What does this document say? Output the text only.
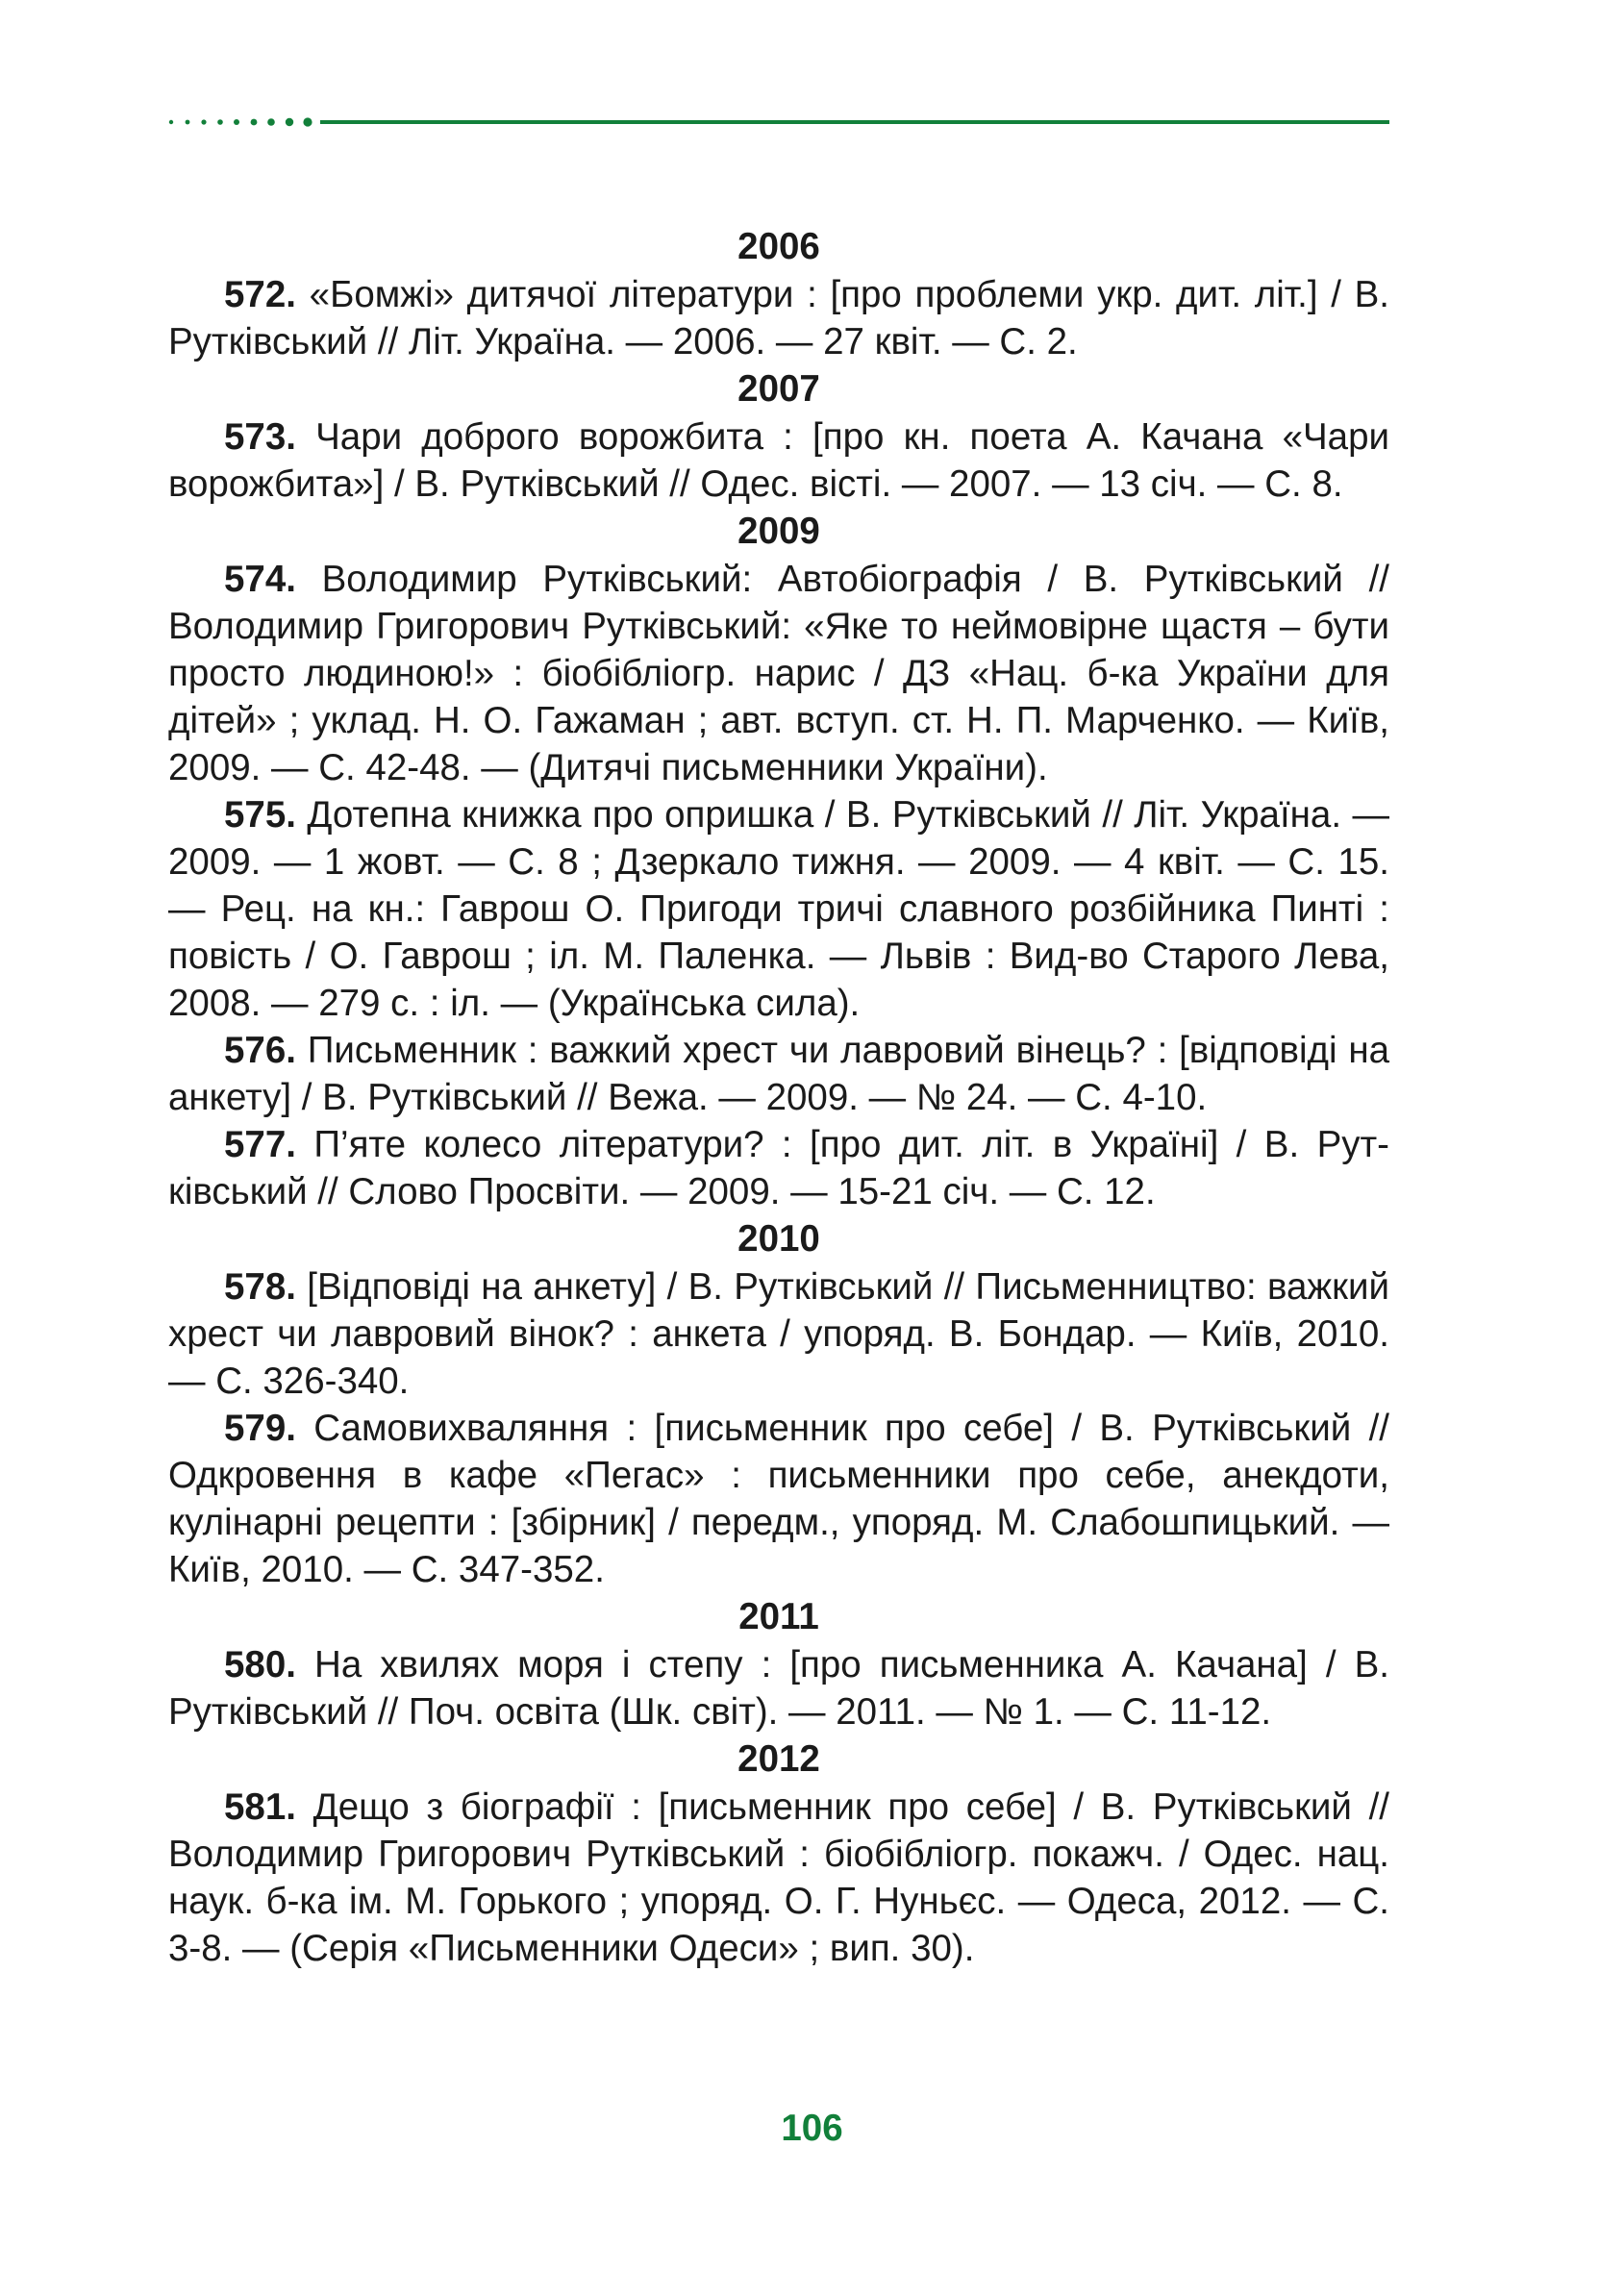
2006
572. «Бомжі» дитячої літератури : [про проблеми укр. дит. літ.] / В. Рутківський // Літ. Україна. — 2006. — 27 квіт. — С. 2.
2007
573. Чари доброго ворожбита : [про кн. поета А. Качана «Чари ворожбита»] / В. Рутківський // Одес. вісті. — 2007. — 13 січ. — С. 8.
2009
574. Володимир Рутківський: Автобіографія / В. Рутківський // Володимир Григорович Рутківський: «Яке то неймовірне щастя – бути просто людиною!» : біобібліогр. нарис / ДЗ «Нац. б-ка України для дітей» ; уклад. Н. О. Гажаман ; авт. вступ. ст. Н. П. Марченко. — Київ, 2009. — С. 42-48. — (Дитячі письменники України).
575. Дотепна книжка про опришка / В. Рутківський // Літ. Україна. — 2009. — 1 жовт. — С. 8 ; Дзеркало тижня. — 2009. — 4 квіт. — С. 15. — Рец. на кн.: Гаврош О. Пригоди тричі славного розбійника Пинті : повість / О. Гаврош ; іл. М. Паленка. — Львів : Вид-во Старого Лева, 2008. — 279 с. : іл. — (Українська сила).
576. Письменник : важкий хрест чи лавровий вінець? : [відповіді на анкету] / В. Рутківський // Вежа. — 2009. — № 24. — С. 4-10.
577. П’яте колесо літератури? : [про дит. літ. в Україні] / В. Рутківський // Слово Просвіти. — 2009. — 15-21 січ. — С. 12.
2010
578. [Відповіді на анкету] / В. Рутківський // Письменництво: важкий хрест чи лавровий вінок? : анкета / упоряд. В. Бондар. — Київ, 2010. — С. 326-340.
579. Самовихваляння : [письменник про себе] / В. Рутківський // Одкровення в кафе «Пегас» : письменники про себе, анекдоти, кулінарні рецепти : [збірник] / передм., упоряд. М. Слабошпицький. — Київ, 2010. — С. 347-352.
2011
580. На хвилях моря і степу : [про письменника А. Качана] / В. Рутківський // Поч. освіта (Шк. світ). — 2011. — № 1. — С. 11-12.
2012
581. Дещо з біографії : [письменник про себе] / В. Рутківський // Володимир Григорович Рутківський : біобібліогр. покажч. / Одес. нац. наук. б-ка ім. М. Горького ; упоряд. О. Г. Нуньєс. — Одеса, 2012. — С. 3-8. — (Серія «Письменники Одеси» ; вип. 30).
106
